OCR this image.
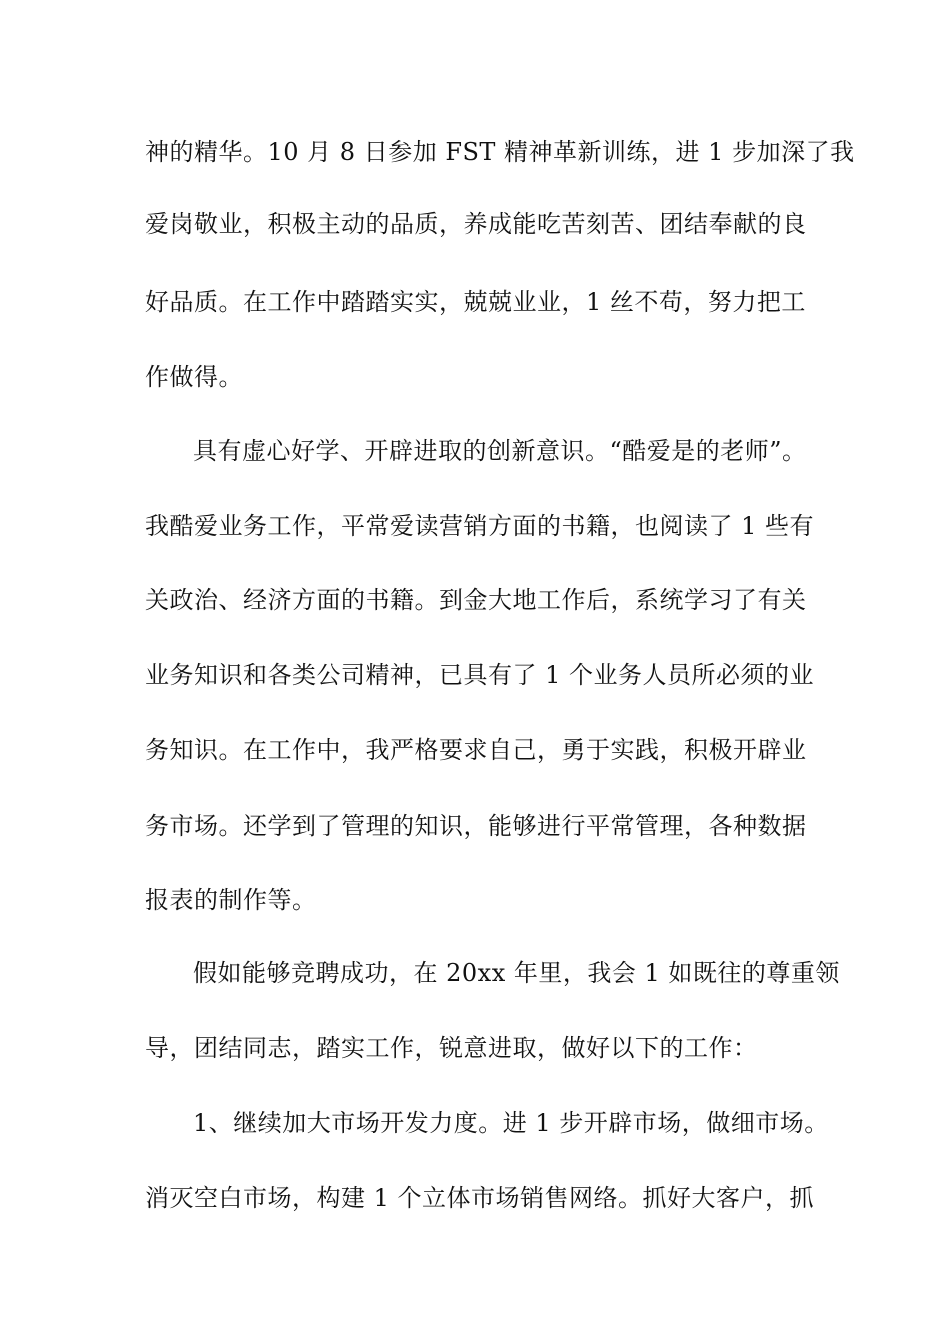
神的精华。10 月 8 日参加 FST 精神革新训练，进 1 步加深了我
爱岗敬业，积极主动的品质，养成能吃苦刻苦、团结奉献的良
好品质。在工作中踏踏实实，兢兢业业，1 丝不苟，努力把工
作做得。
具有虚心好学、开辟进取的创新意识。“酷爱是的老师”。
我酷爱业务工作，平常爱读营销方面的书籍，也阅读了 1 些有
关政治、经济方面的书籍。到金大地工作后，系统学习了有关
业务知识和各类公司精神，已具有了 1 个业务人员所必须的业
务知识。在工作中，我严格要求自己，勇于实践，积极开辟业
务市场。还学到了管理的知识，能够进行平常管理，各种数据
报表的制作等。
假如能够竞聘成功，在 20xx 年里，我会 1 如既往的尊重领
导，团结同志，踏实工作，锐意进取，做好以下的工作：
1、继续加大市场开发力度。进 1 步开辟市场，做细市场。
消灭空白市场，构建 1 个立体市场销售网络。抓好大客户，抓
